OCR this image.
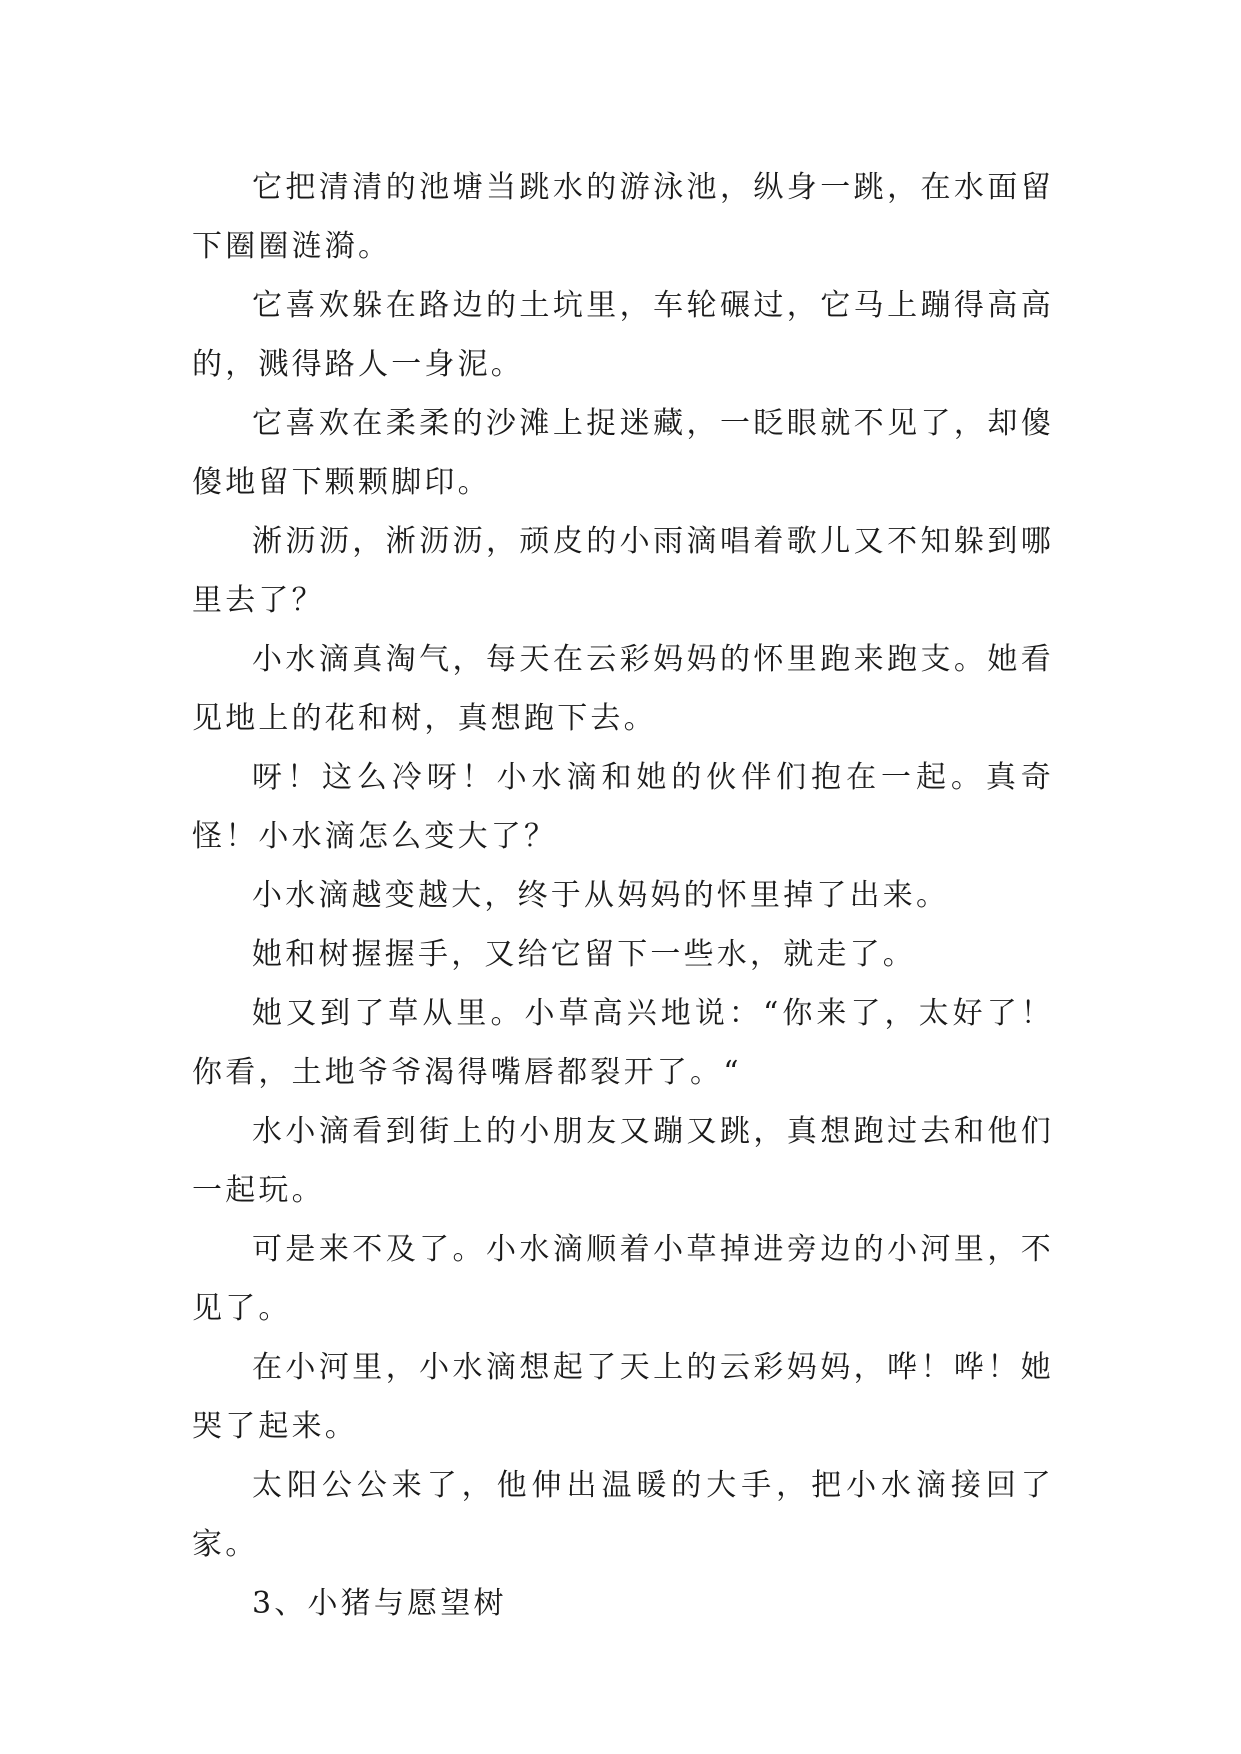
它把清清的池塘当跳水的游泳池，纵身一跳，在水面留下圈圈涟漪。

它喜欢躲在路边的土坑里，车轮碾过，它马上蹦得高高的，溅得路人一身泥。

它喜欢在柔柔的沙滩上捉迷藏，一眨眼就不见了，却傻傻地留下颗颗脚印。

淅沥沥，淅沥沥，顽皮的小雨滴唱着歌儿又不知躲到哪里去了？

小水滴真淘气，每天在云彩妈妈的怀里跑来跑支。她看见地上的花和树，真想跑下去。

呀！这么冷呀！小水滴和她的伙伴们抱在一起。真奇怪！小水滴怎么变大了？

小水滴越变越大，终于从妈妈的怀里掉了出来。

她和树握握手，又给它留下一些水，就走了。

她又到了草从里。小草高兴地说：“你来了，太好了！你看，土地爷爷渴得嘴唇都裂开了。“

水小滴看到街上的小朋友又蹦又跳，真想跑过去和他们一起玩。

可是来不及了。小水滴顺着小草掉进旁边的小河里，不见了。

在小河里，小水滴想起了天上的云彩妈妈，哗！哗！她哭了起来。

太阳公公来了，他伸出温暖的大手，把小水滴接回了家。

3、小猪与愿望树
